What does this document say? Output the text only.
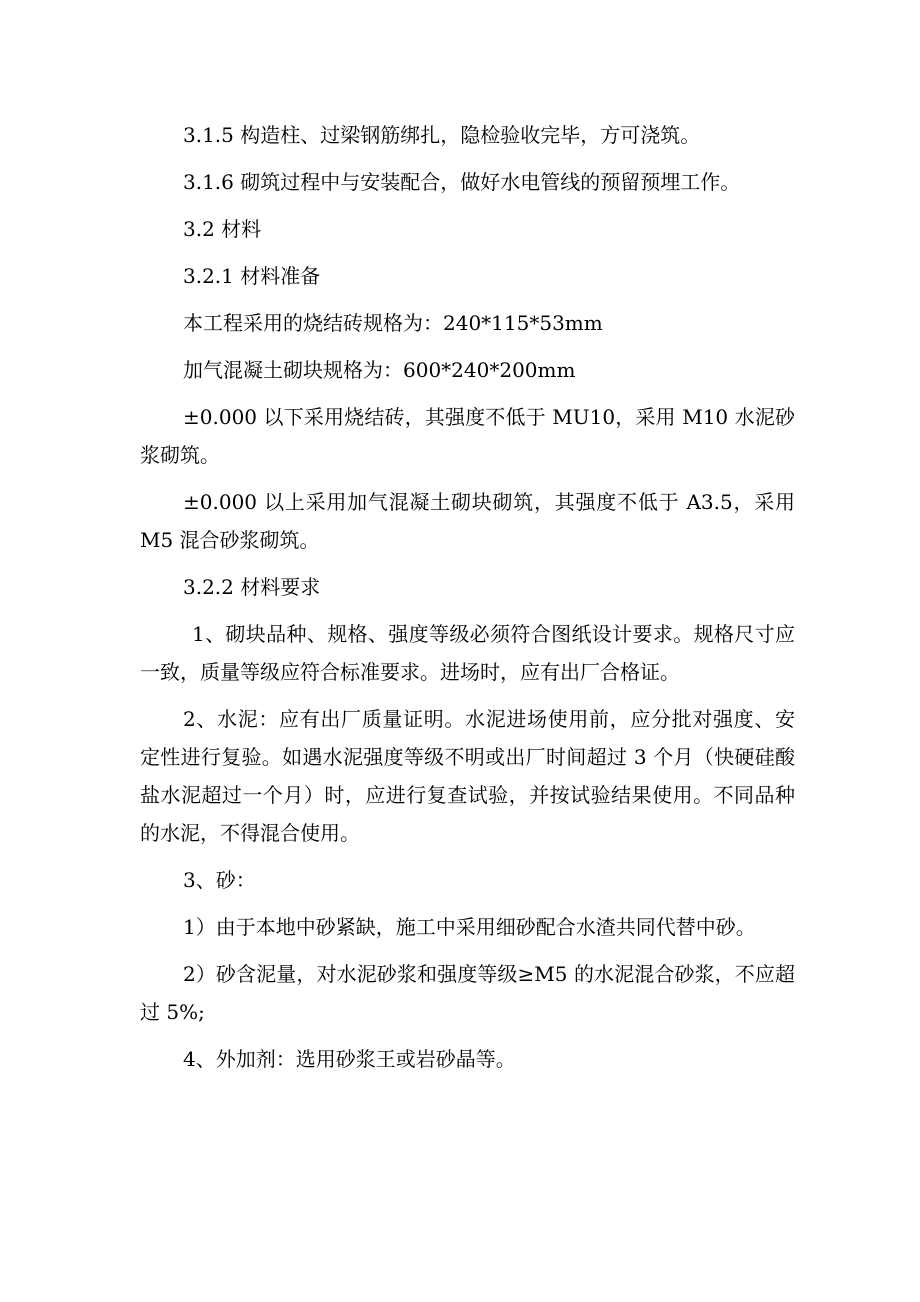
3.1.5 构造柱、过梁钢筋绑扎，隐检验收完毕，方可浇筑。

3.1.6 砌筑过程中与安装配合，做好水电管线的预留预埋工作。

3.2 材料

3.2.1 材料准备

本工程采用的烧结砖规格为：240*115*53mm

加气混凝土砌块规格为：600*240*200mm

±0.000 以下采用烧结砖，其强度不低于 MU10，采用 M10 水泥砂浆砌筑。

±0.000 以上采用加气混凝土砌块砌筑，其强度不低于 A3.5，采用 M5 混合砂浆砌筑。

3.2.2 材料要求

1、砌块品种、规格、强度等级必须符合图纸设计要求。规格尺寸应一致，质量等级应符合标准要求。进场时，应有出厂合格证。

2、水泥：应有出厂质量证明。水泥进场使用前，应分批对强度、安定性进行复验。如遇水泥强度等级不明或出厂时间超过 3 个月（快硬硅酸盐水泥超过一个月）时，应进行复查试验，并按试验结果使用。不同品种的水泥，不得混合使用。

3、砂：

1）由于本地中砂紧缺，施工中采用细砂配合水渣共同代替中砂。

2）砂含泥量，对水泥砂浆和强度等级≥M5 的水泥混合砂浆，不应超过 5%;

4、外加剂：选用砂浆王或岩砂晶等。
